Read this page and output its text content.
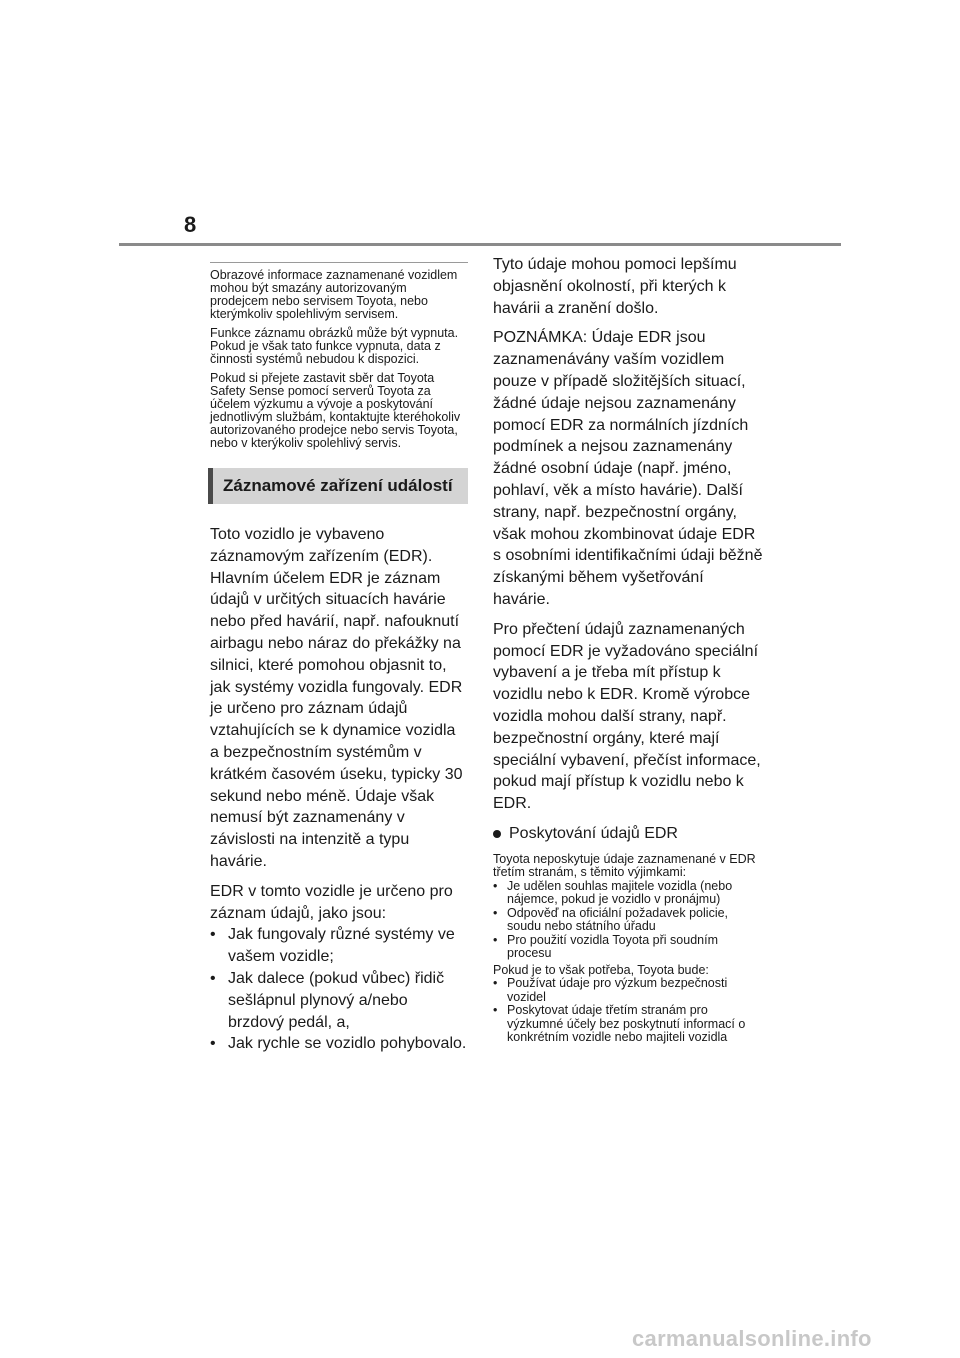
8

Obrazové informace zaznamenané vozidlem mohou být smazány autorizovaným prodejcem nebo servisem Toyota, nebo kterýmkoliv spolehlivým servisem.

Funkce záznamu obrázků může být vypnuta. Pokud je však tato funkce vypnuta, data z činnosti systémů nebudou k dispozici.

Pokud si přejete zastavit sběr dat Toyota Safety Sense pomocí serverů Toyota za účelem výzkumu a vývoje a poskytování jednotlivým službám, kontaktujte kteréhokoliv autorizovaného prodejce nebo servis Toyota, nebo v kterýkoliv spolehlivý servis.

Záznamové zařízení událostí

Toto vozidlo je vybaveno záznamovým zařízením (EDR). Hlavním účelem EDR je záznam údajů v určitých situacích havárie nebo před havárií, např. nafouknutí airbagu nebo náraz do překážky na silnici, které pomohou objasnit to, jak systémy vozidla fungovaly. EDR je určeno pro záznam údajů vztahujících se k dynamice vozidla a bezpečnostním systémům v krátkém časovém úseku, typicky 30 sekund nebo méně. Údaje však nemusí být zaznamenány v závislosti na intenzitě a typu havárie.

EDR v tomto vozidle je určeno pro záznam údajů, jako jsou:

• Jak fungovaly různé systémy ve vašem vozidle;
• Jak dalece (pokud vůbec) řidič sešlápnul plynový a/nebo brzdový pedál, a,
• Jak rychle se vozidlo pohybovalo.

Tyto údaje mohou pomoci lepšímu objasnění okolností, při kterých k havárii a zranění došlo.

POZNÁMKA: Údaje EDR jsou zaznamenávány vaším vozidlem pouze v případě složitějších situací, žádné údaje nejsou zaznamenány pomocí EDR za normálních jízdních podmínek a nejsou zaznamenány žádné osobní údaje (např. jméno, pohlaví, věk a místo havárie). Další strany, např. bezpečnostní orgány, však mohou zkombinovat údaje EDR s osobními identifikačními údaji běžně získanými během vyšetřování havárie.

Pro přečtení údajů zaznamenaných pomocí EDR je vyžadováno speciální vybavení a je třeba mít přístup k vozidlu nebo k EDR. Kromě výrobce vozidla mohou další strany, např. bezpečnostní orgány, které mají speciální vybavení, přečíst informace, pokud mají přístup k vozidlu nebo k EDR.

Poskytování údajů EDR

Toyota neposkytuje údaje zaznamenané v EDR třetím stranám, s těmito výjimkami:

• Je udělen souhlas majitele vozidla (nebo nájemce, pokud je vozidlo v pronájmu)
• Odpověď na oficiální požadavek policie, soudu nebo státního úřadu
• Pro použití vozidla Toyota při soudním procesu

Pokud je to však potřeba, Toyota bude:

• Používat údaje pro výzkum bezpečnosti vozidel
• Poskytovat údaje třetím stranám pro výzkumné účely bez poskytnutí informací o konkrétním vozidle nebo majiteli vozidla
carmanualsonline.info
